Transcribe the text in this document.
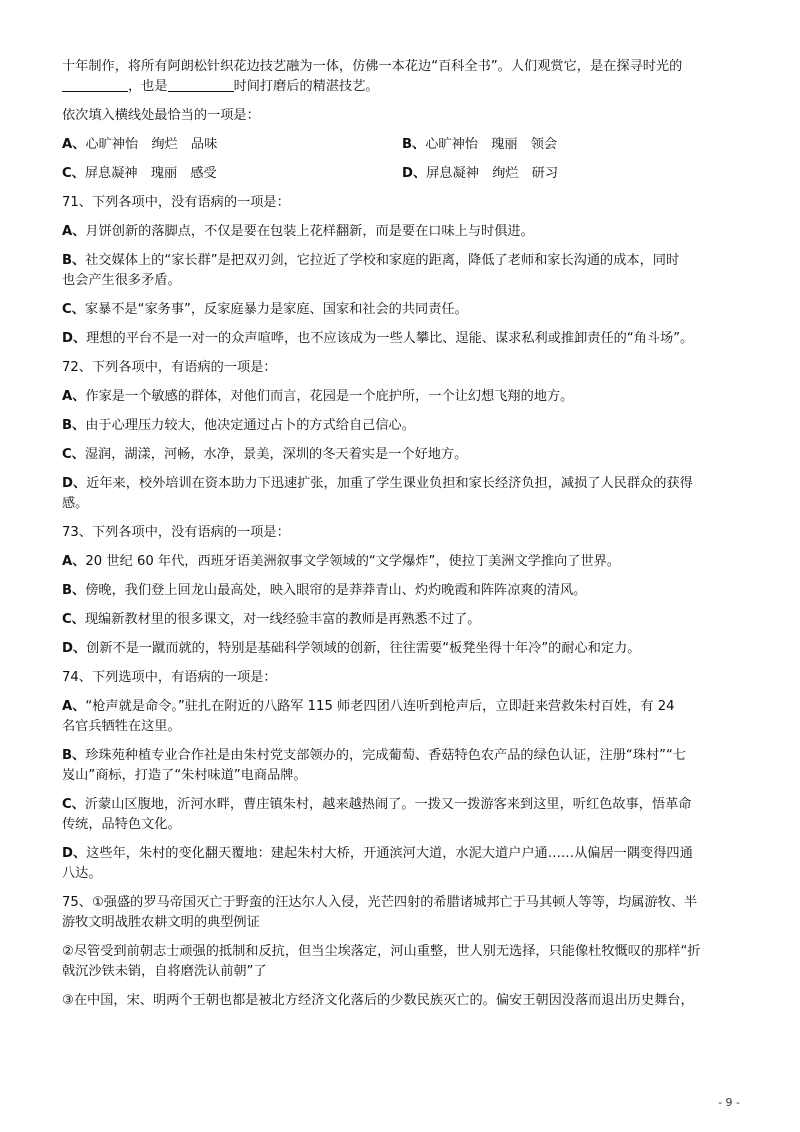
十年制作，将所有阿朗松针织花边技艺融为一体，仿佛一本花边“百科全书”。人们观赏它，是在探寻时光的

，也是	时间打磨后的精湛技艺。

依次填入横线处最恰当的一项是：

A、心旷神怡　绚烂　品味	B、心旷神怡　瑰丽　领会
C、屏息凝神　瑰丽　感受	D、屏息凝神　绚烂　研习

71、下列各项中，没有语病的一项是：

A、月饼创新的落脚点，不仅是要在包装上花样翻新，而是要在口味上与时俱进。

B、社交媒体上的“家长群”是把双刃剑，它拉近了学校和家庭的距离，降低了老师和家长沟通的成本，同时

也会产生很多矛盾。

C、家暴不是“家务事”，反家庭暴力是家庭、国家和社会的共同责任。

D、理想的平台不是一对一的众声喧哗，也不应该成为一些人攀比、逞能、谋求私利或推卸责任的“角斗场”。

72、下列各项中，有语病的一项是：

A、作家是一个敏感的群体，对他们而言，花园是一个庇护所，一个让幻想飞翔的地方。

B、由于心理压力较大，他决定通过占卜的方式给自己信心。

C、湿润，湖漾，河畅，水净，景美，深圳的冬天着实是一个好地方。

D、近年来，校外培训在资本助力下迅速扩张，加重了学生课业负担和家长经济负担，减损了人民群众的获得

感。

73、下列各项中，没有语病的一项是：

A、20 世纪 60 年代，西班牙语美洲叙事文学领域的“文学爆炸”，使拉丁美洲文学推向了世界。

B、傍晚，我们登上回龙山最高处，映入眼帘的是莽莽青山、灼灼晚霞和阵阵凉爽的清风。

C、现编新教材里的很多课文，对一线经验丰富的教师是再熟悉不过了。

D、创新不是一蹴而就的，特别是基础科学领域的创新，往往需要“板凳坐得十年冷”的耐心和定力。

74、下列选项中，有语病的一项是：

A、“枪声就是命令。”驻扎在附近的八路军 115 师老四团八连听到枪声后，立即赶来营救朱村百姓，有 24

名官兵牺牲在这里。

B、珍珠苑种植专业合作社是由朱村党支部领办的，完成葡萄、香菇特色农产品的绿色认证，注册“珠村”“七

岌山”商标，打造了“朱村味道”电商品牌。

C、沂蒙山区腹地，沂河水畔，曹庄镇朱村，越来越热闹了。一拨又一拨游客来到这里，听红色故事，悟革命

传统，品特色文化。

D、这些年，朱村的变化翻天覆地：建起朱村大桥，开通滨河大道，水泥大道户户通……从偏居一隅变得四通

八达。

75、①强盛的罗马帝国灭亡于野蛮的汪达尔人入侵，光芒四射的希腊诸城邦亡于马其顿人等等，均属游牧、半

游牧文明战胜农耕文明的典型例证

②尽管受到前朝志士顽强的抵制和反抗，但当尘埃落定，河山重整，世人别无选择，只能像杜牧慨叹的那样“折

戟沉沙铁未销，自将磨洗认前朝”了

③在中国，宋、明两个王朝也都是被北方经济文化落后的少数民族灭亡的。偏安王朝因没落而退出历史舞台，

- 9 -
